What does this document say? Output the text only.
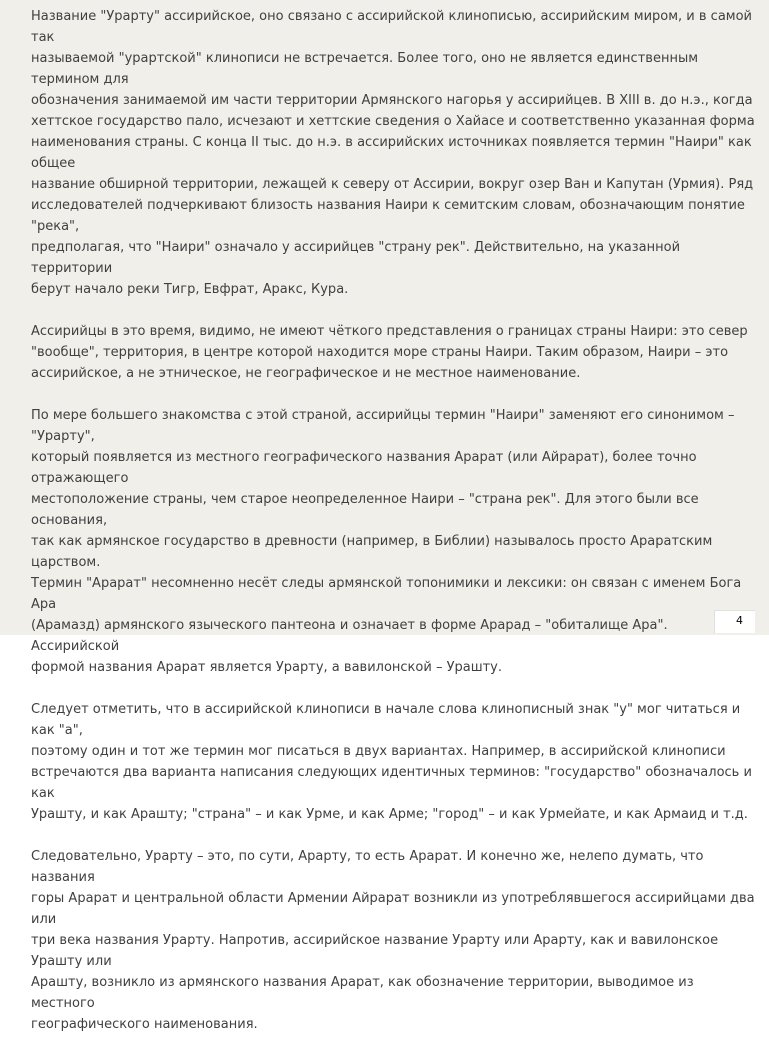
Название "Урарту" ассирийское, оно связано с ассирийской клинописью, ассирийским миром, и в самой так
называемой "урартской" клинописи не встречается. Более того, оно не является единственным термином для
обозначения занимаемой им части территории Армянского нагорья у ассирийцев. В XIII в. до н.э., когда
хеттское государство пало, исчезают и хеттские сведения о Хайасе и соответственно указанная форма
наименования страны. С конца II тыс. до н.э. в ассирийских источниках появляется термин "Наири" как общее
название обширной территории, лежащей к северу от Ассирии, вокруг озер Ван и Капутан (Урмия). Ряд
исследователей подчеркивают близость названия Наири к семитским словам, обозначающим понятие "река",
предполагая, что "Наири" означало у ассирийцев "страну рек". Действительно, на указанной территории
берут начало реки Тигр, Евфрат, Аракс, Кура.

Ассирийцы в это время, видимо, не имеют чёткого представления о границах страны Наири: это север
"вообще", территория, в центре которой находится море страны Наири. Таким образом, Наири – это
ассирийское, а не этническое, не географическое и не местное наименование.

По мере большего знакомства с этой страной, ассирийцы термин "Наири" заменяют его синонимом – "Урарту",
который появляется из местного географического названия Арарат (или Айрарат), более точно отражающего
местоположение страны, чем старое неопределенное Наири – "страна рек". Для этого были все основания,
так как армянское государство в древности (например, в Библии) называлось просто Араратским царством.
Термин "Арарат" несомненно несёт следы армянской топонимики и лексики: он связан с именем Бога Ара
(Арамазд) армянского языческого пантеона и означает в форме Арарад – "обиталище Ара". Ассирийской
формой названия Арарат является Урарту, а вавилонской – Урашту.

Следует отметить, что в ассирийской клинописи в начале слова клинописный знак "у" мог читаться и как "а",
поэтому один и тот же термин мог писаться в двух вариантах. Например, в ассирийской клинописи
встречаются два варианта написания следующих идентичных терминов: "государство" обозначалось и как
Урашту, и как Арашту; "страна" – и как Урме, и как Арме; "город" – и как Урмейате, и как Армаид и т.д.

Следовательно, Урарту – это, по сути, Арарту, то есть Арарат. И конечно же, нелепо думать, что названия
горы Арарат и центральной области Армении Айрарат возникли из употреблявшегося ассирийцами два или
три века названия Урарту. Напротив, ассирийское название Урарту или Арарту, как и вавилонское Урашту или
Арашту, возникло из армянского названия Арарат, как обозначение территории, выводимое из местного
географического наименования.

4
